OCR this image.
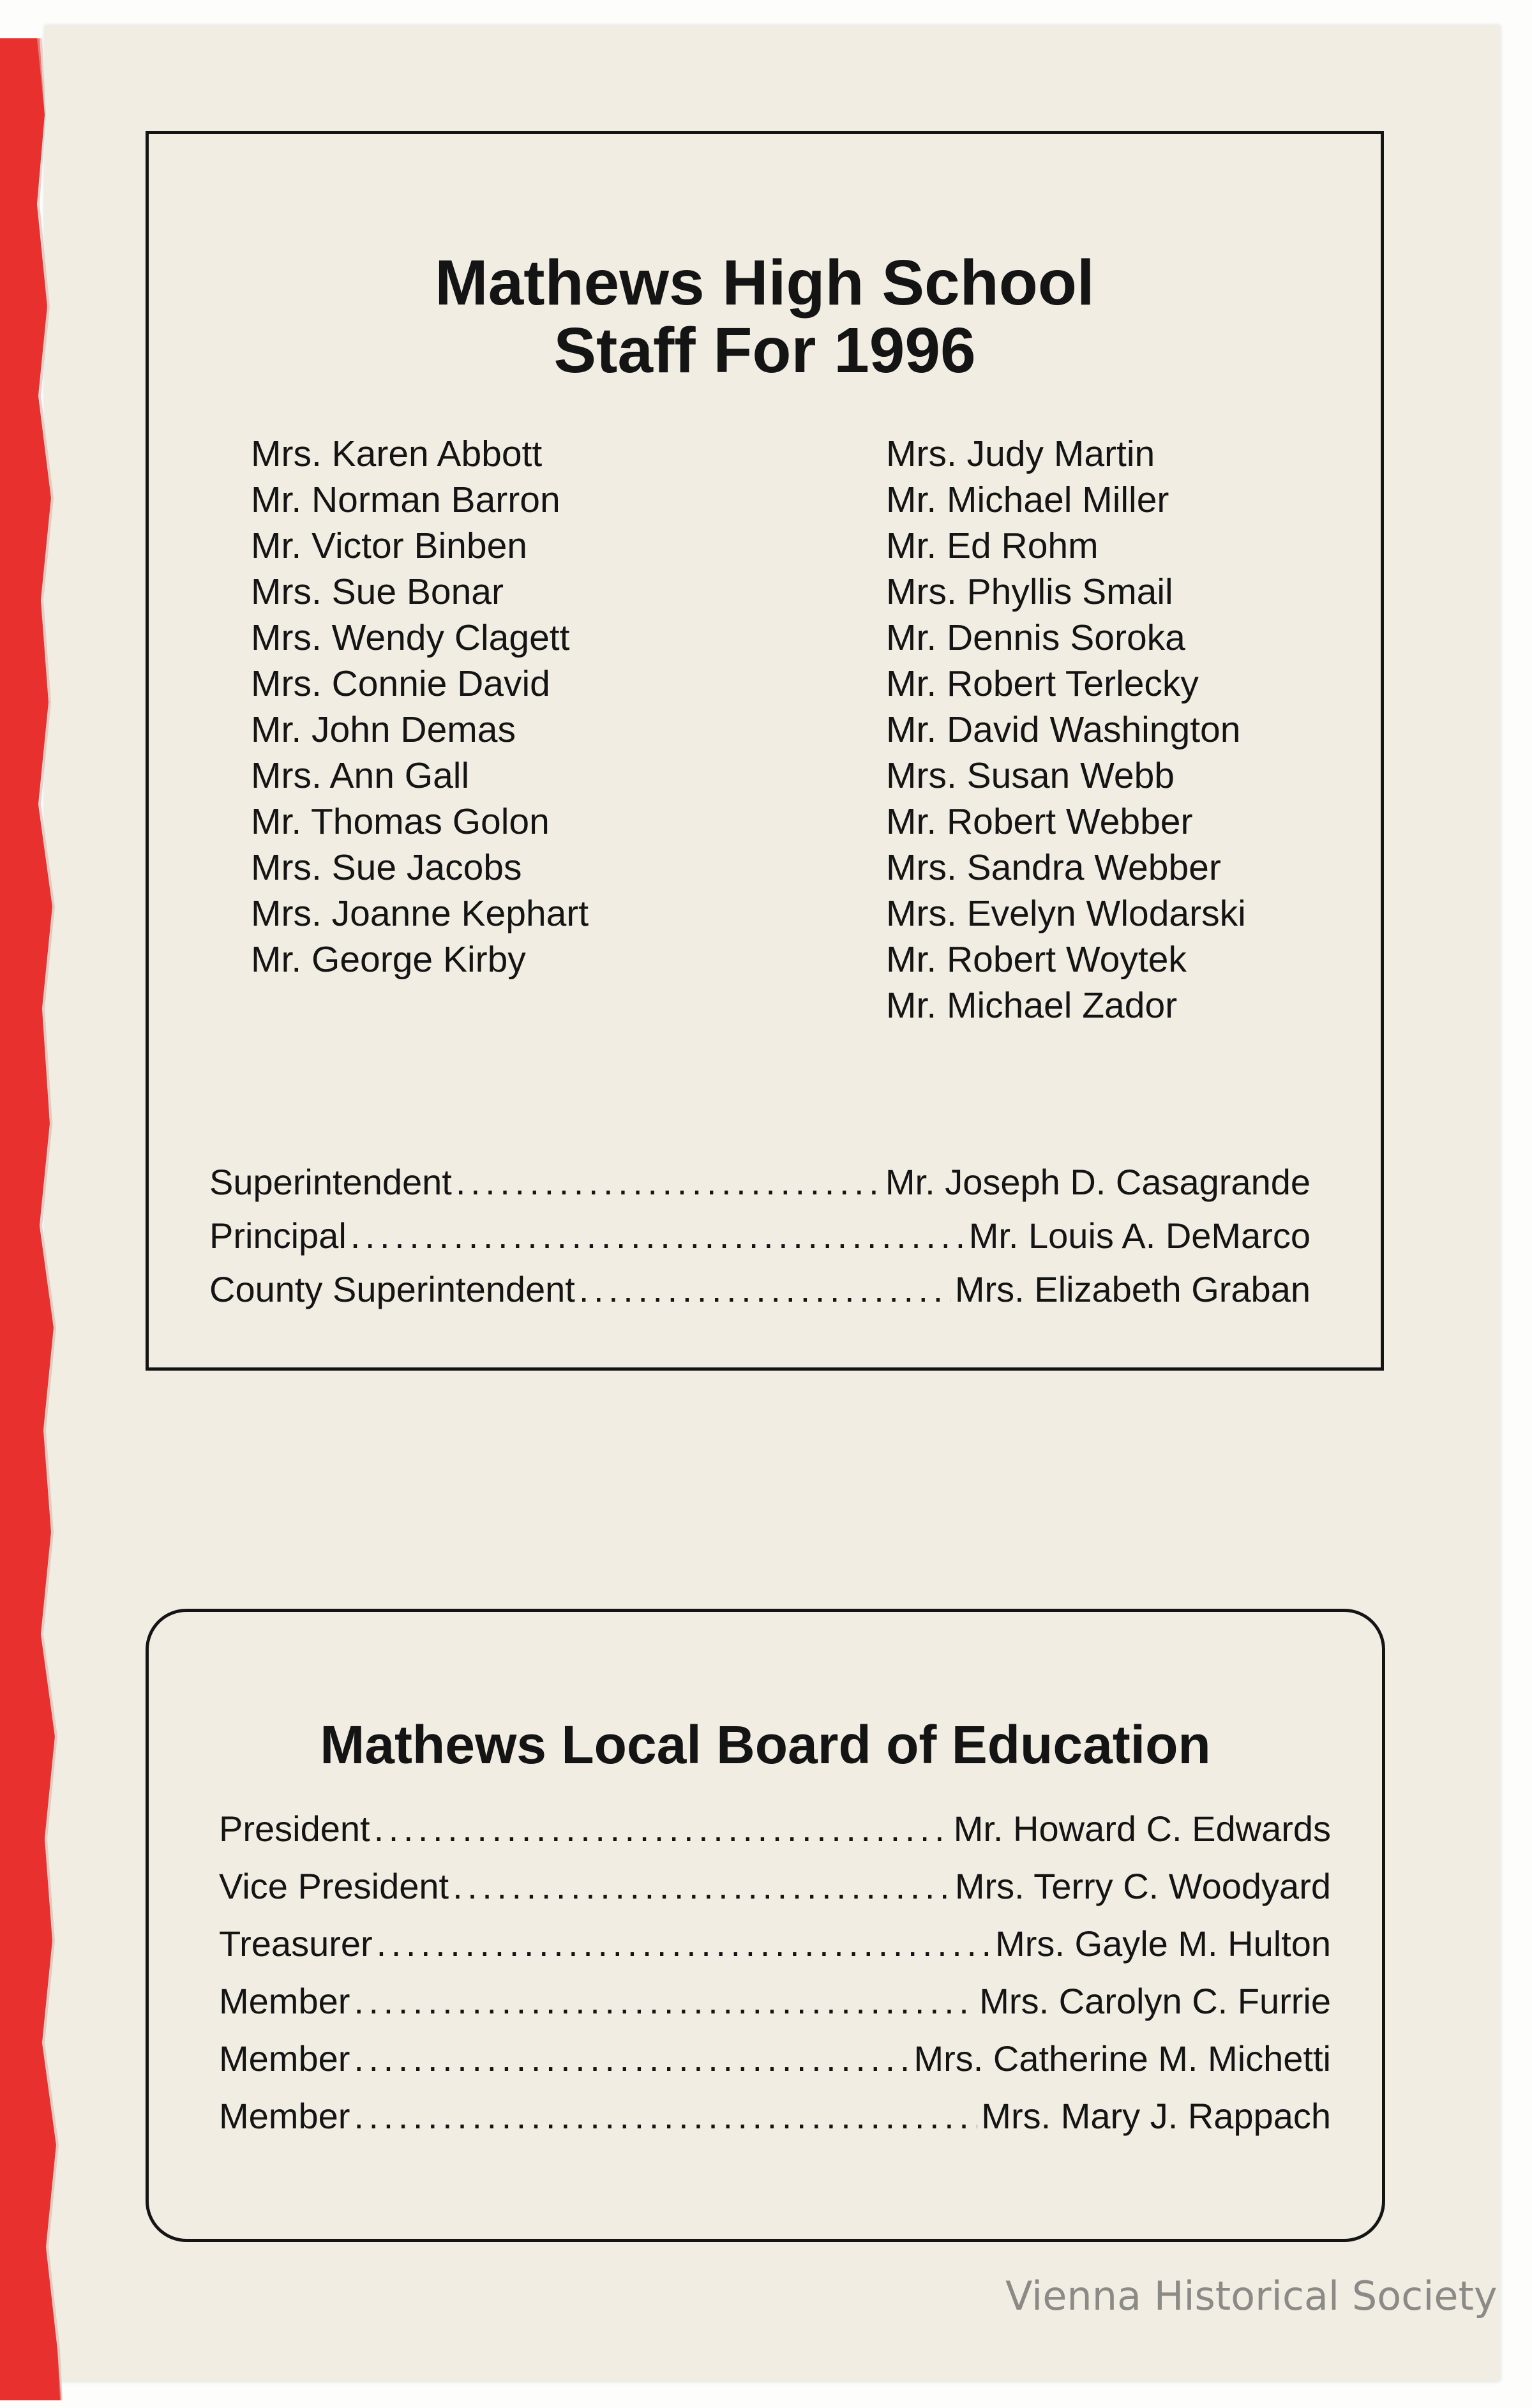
Mathews High School
Staff For 1996
Mrs. Karen Abbott
Mr. Norman Barron
Mr. Victor Binben
Mrs. Sue Bonar
Mrs. Wendy Clagett
Mrs. Connie David
Mr. John Demas
Mrs. Ann Gall
Mr. Thomas Golon
Mrs. Sue Jacobs
Mrs. Joanne Kephart
Mr. George Kirby
Mrs. Judy Martin
Mr. Michael Miller
Mr. Ed Rohm
Mrs. Phyllis Smail
Mr. Dennis Soroka
Mr. Robert Terlecky
Mr. David Washington
Mrs. Susan Webb
Mr. Robert Webber
Mrs. Sandra Webber
Mrs. Evelyn Wlodarski
Mr. Robert Woytek
Mr. Michael Zador
Superintendent . . .	Mr. Joseph D. Casagrande
Principal . . .	Mr. Louis A. DeMarco
County Superintendent . . .	Mrs. Elizabeth Graban
Mathews Local Board of Education
President . . .	Mr. Howard C. Edwards
Vice President . . .	Mrs. Terry C. Woodyard
Treasurer . . .	Mrs. Gayle M. Hulton
Member . . .	Mrs. Carolyn C. Furrie
Member . . .	Mrs. Catherine M. Michetti
Member . . .	Mrs. Mary J. Rappach
Vienna Historical Society
